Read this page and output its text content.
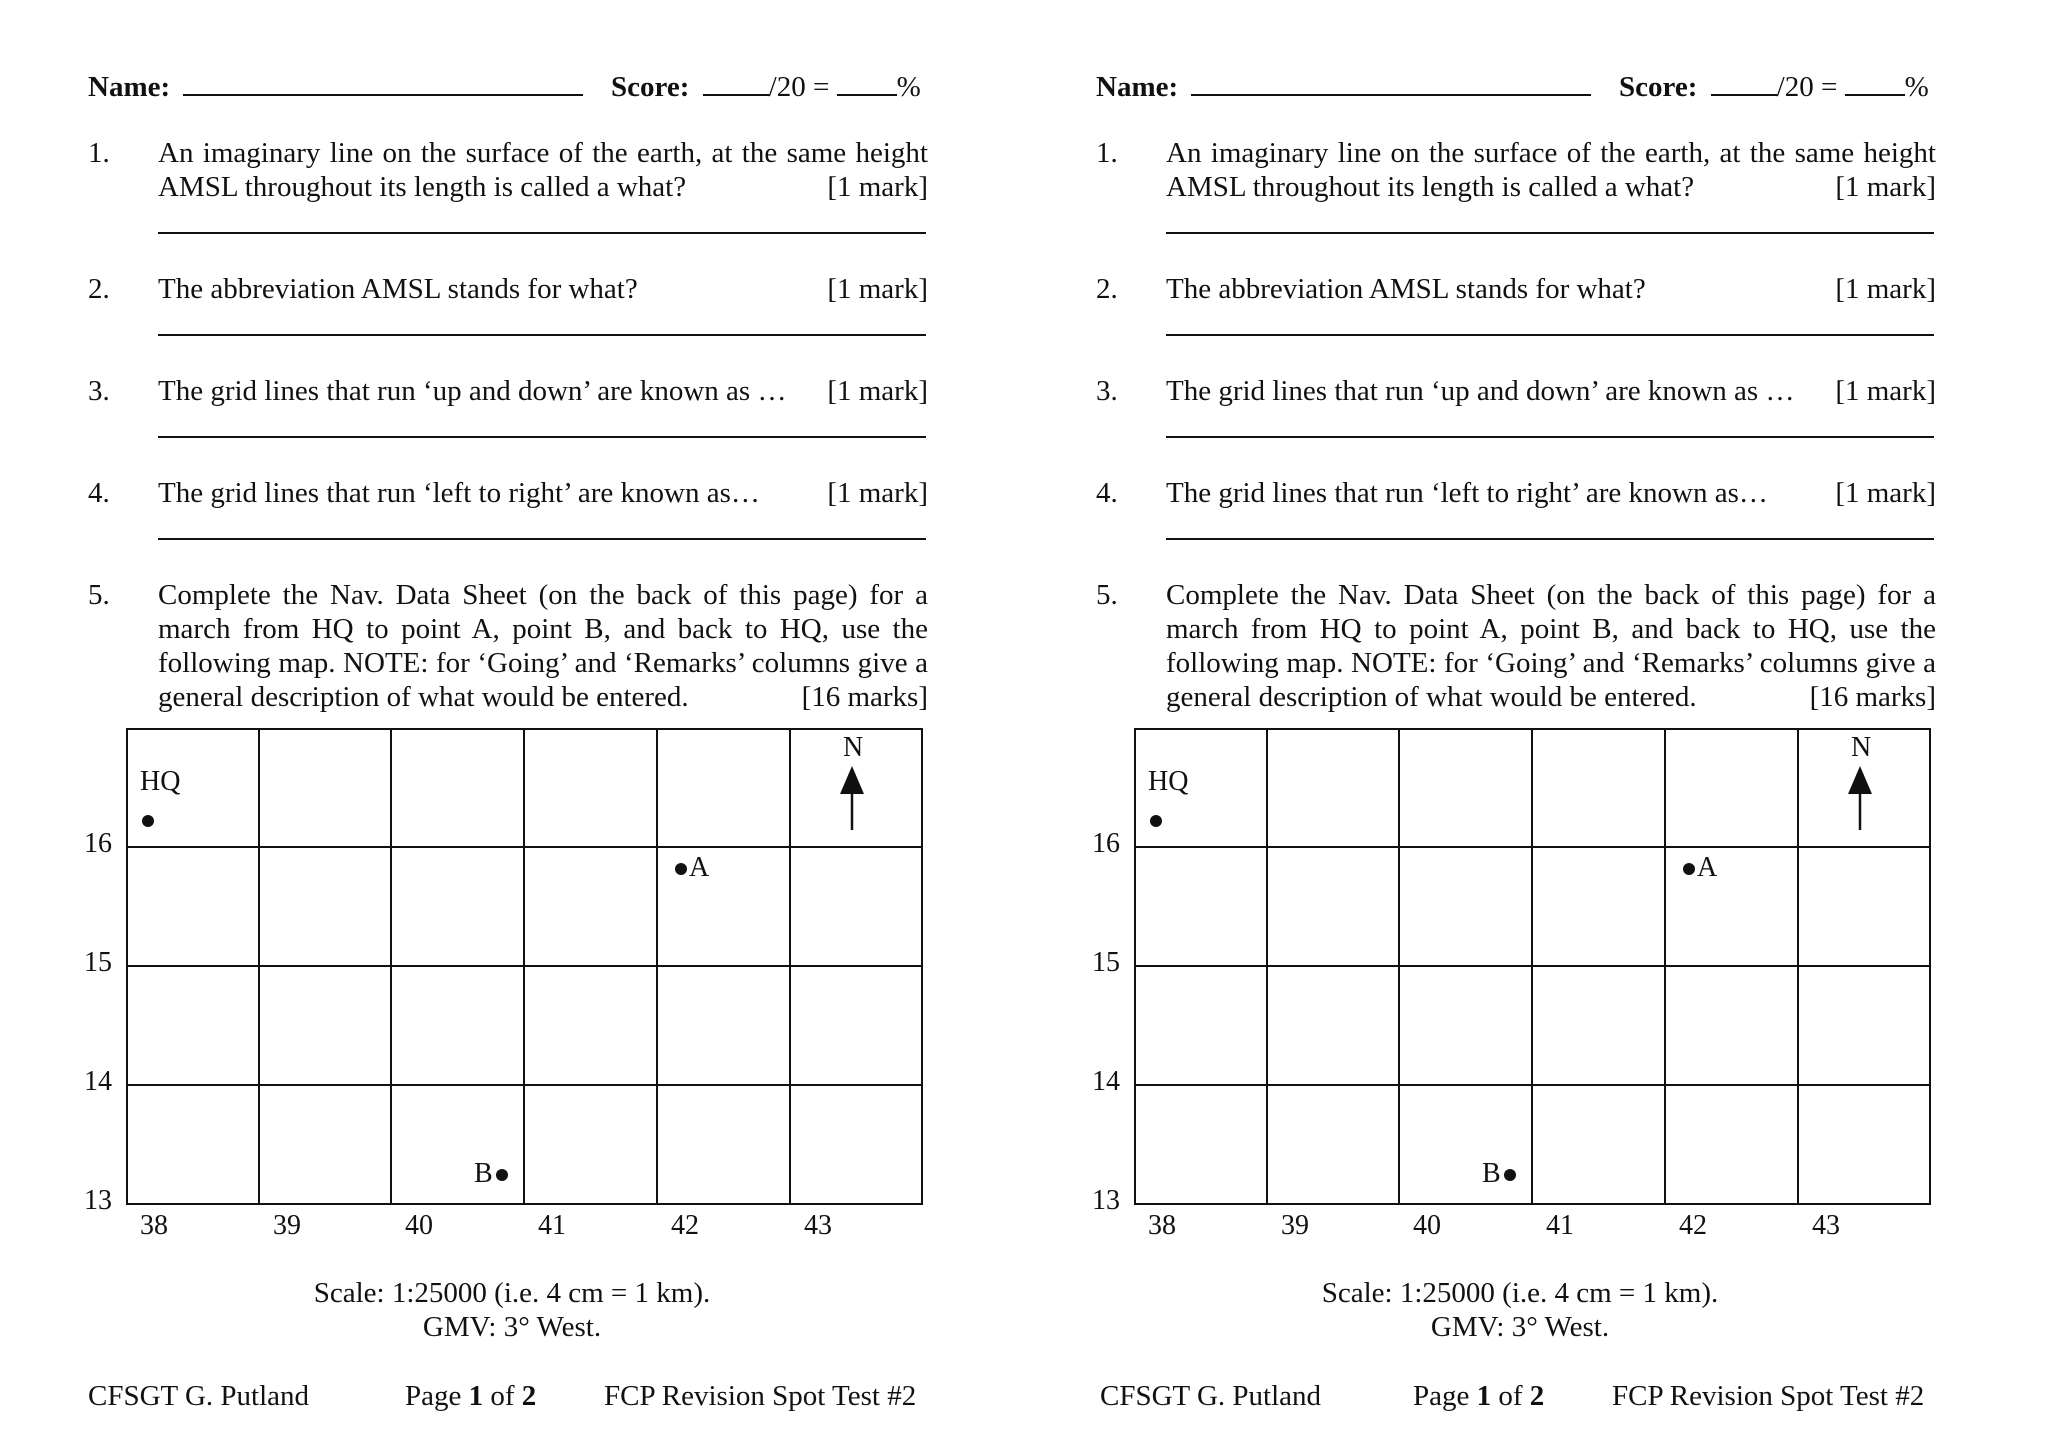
Name:	Score:	/20 = %
1. An imaginary line on the surface of the earth, at the same height AMSL throughout its length is called a what?	[1 mark]
2. The abbreviation AMSL stands for what?	[1 mark]
3. The grid lines that run ‘up and down’ are known as …	[1 mark]
4. The grid lines that run ‘left to right’ are known as…	[1 mark]
5. Complete the Nav. Data Sheet (on the back of this page) for a march from HQ to point A, point B, and back to HQ, use the following map. NOTE: for ‘Going’ and ‘Remarks’ columns give a general description of what would be entered.	[16 marks]
N
16
15
14
13
38	39	40	41	42	43
HQ
A
B
Scale: 1:25000 (i.e. 4 cm = 1 km).
GMV: 3° West.
CFSGT G. Putland	Page 1 of 2 FCP Revision Spot Test #2
Name:	Score:	/20 = %
1. An imaginary line on the surface of the earth, at the same height AMSL throughout its length is called a what?	[1 mark]
2. The abbreviation AMSL stands for what?	[1 mark]
3. The grid lines that run ‘up and down’ are known as …	[1 mark]
4. The grid lines that run ‘left to right’ are known as…	[1 mark]
5. Complete the Nav. Data Sheet (on the back of this page) for a march from HQ to point A, point B, and back to HQ, use the following map. NOTE: for ‘Going’ and ‘Remarks’ columns give a general description of what would be entered.	[16 marks]
N
16
15
14
13
38	39	40	41	42	43
HQ
A
B
Scale: 1:25000 (i.e. 4 cm = 1 km).
GMV: 3° West.
CFSGT G. Putland	Page 1 of 2 FCP Revision Spot Test #2
